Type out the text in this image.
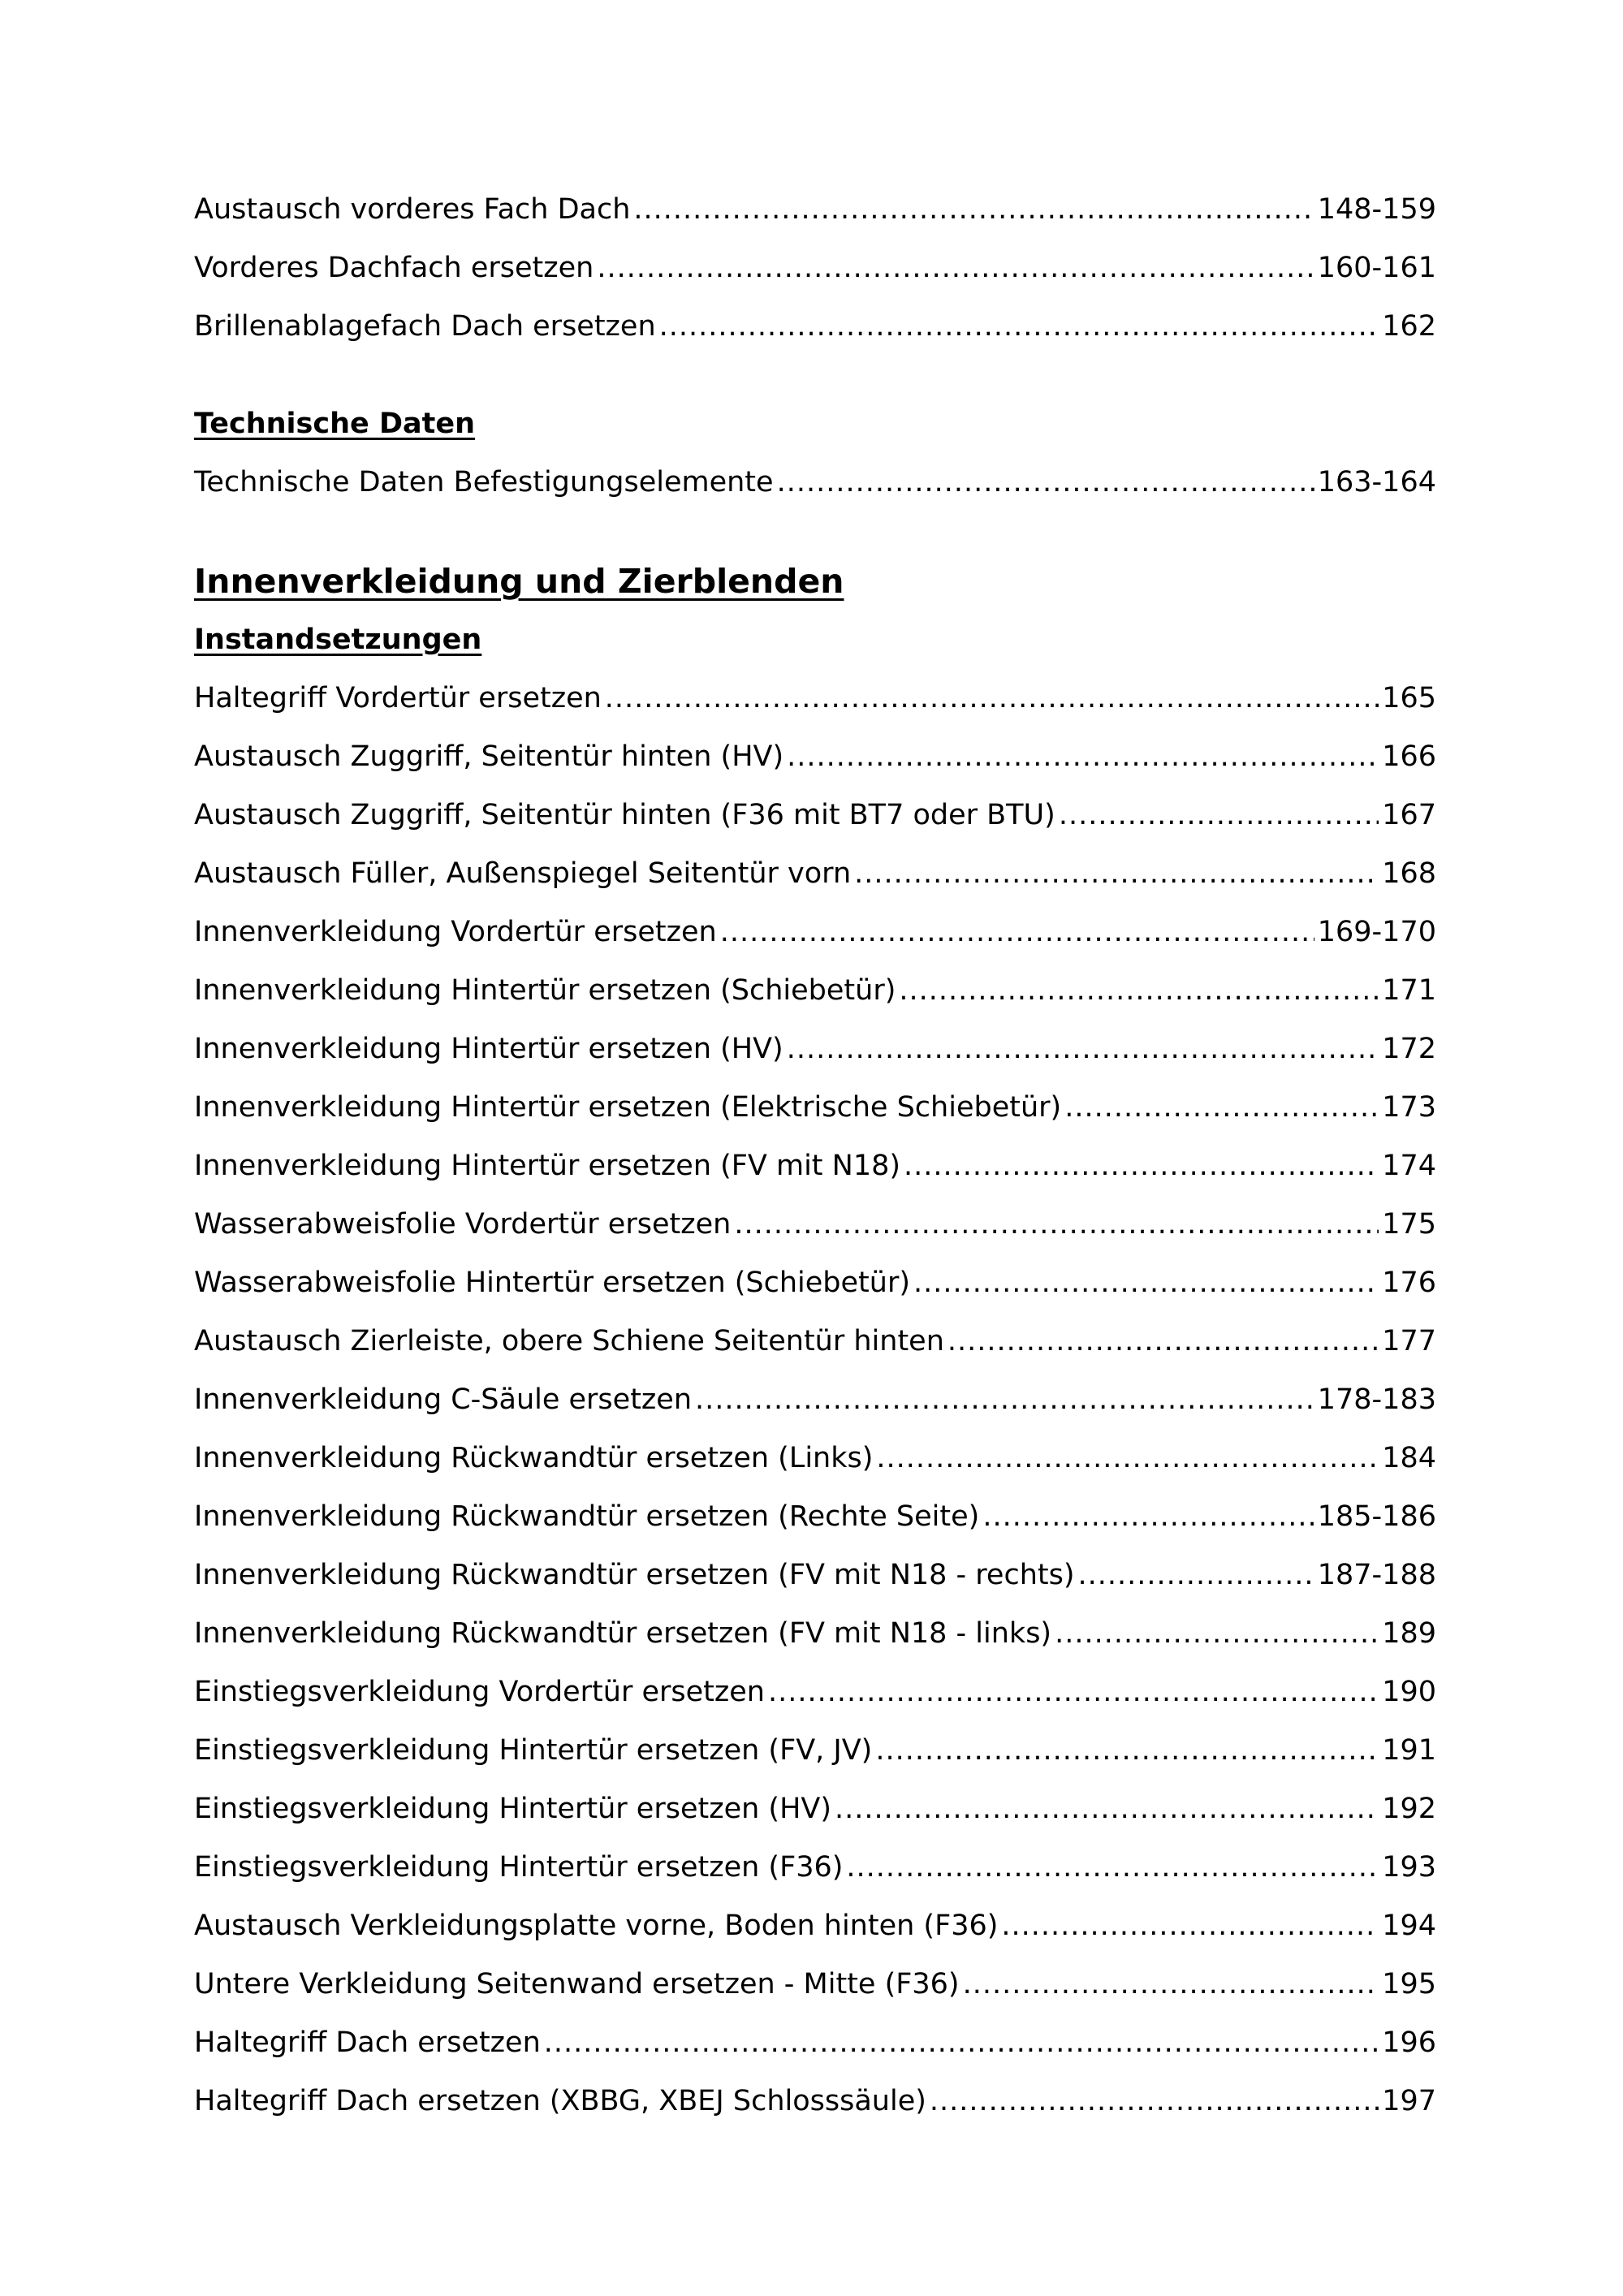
Austausch vorderes Fach Dach .....	148-159
Vorderes Dachfach ersetzen .....	160-161
Brillenablagefach Dach ersetzen .....	162
Technische Daten
Technische Daten Befestigungselemente .....	163-164
Innenverkleidung und Zierblenden
Instandsetzungen
Haltegriff Vordertür ersetzen .....	165
Austausch Zuggriff, Seitentür hinten (HV) .....	166
Austausch Zuggriff, Seitentür hinten (F36 mit BT7 oder BTU) .....	167
Austausch Füller, Außenspiegel Seitentür vorn .....	168
Innenverkleidung Vordertür ersetzen .....	169-170
Innenverkleidung Hintertür ersetzen (Schiebetür) .....	171
Innenverkleidung Hintertür ersetzen (HV) .....	172
Innenverkleidung Hintertür ersetzen (Elektrische Schiebetür) .....	173
Innenverkleidung Hintertür ersetzen (FV mit N18) .....	174
Wasserabweisfolie Vordertür ersetzen .....	175
Wasserabweisfolie Hintertür ersetzen (Schiebetür) .....	176
Austausch Zierleiste, obere Schiene Seitentür hinten .....	177
Innenverkleidung C-Säule ersetzen .....	178-183
Innenverkleidung Rückwandtür ersetzen (Links) .....	184
Innenverkleidung Rückwandtür ersetzen (Rechte Seite) .....	185-186
Innenverkleidung Rückwandtür ersetzen (FV mit N18 - rechts) .....	187-188
Innenverkleidung Rückwandtür ersetzen (FV mit N18 - links) .....	189
Einstiegsverkleidung Vordertür ersetzen .....	190
Einstiegsverkleidung Hintertür ersetzen (FV, JV) .....	191
Einstiegsverkleidung Hintertür ersetzen (HV) .....	192
Einstiegsverkleidung Hintertür ersetzen (F36) .....	193
Austausch Verkleidungsplatte vorne, Boden hinten (F36) .....	194
Untere Verkleidung Seitenwand ersetzen - Mitte (F36) .....	195
Haltegriff Dach ersetzen .....	196
Haltegriff Dach ersetzen (XBBG, XBEJ Schlosssäule) .....	197
